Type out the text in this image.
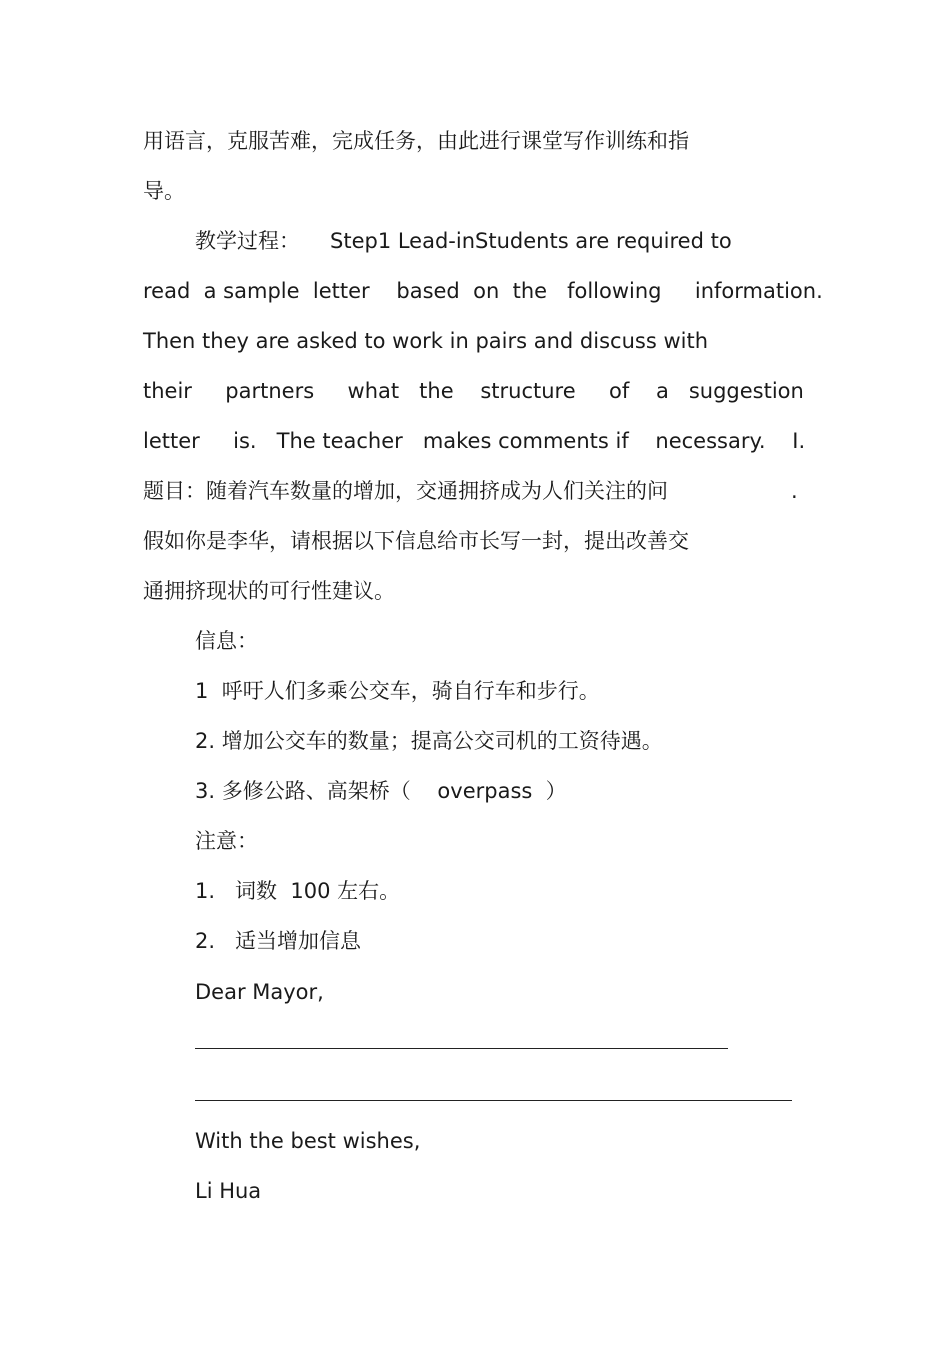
用语言，克服苦难，完成任务，由此进行课堂写作训练和指
导。
教学过程： Step1 Lead-inStudents are required to
read  a sample  letter    based  on  the   following     information.
Then they are asked to work in pairs and discuss with
their     partners     what   the    structure     of    a   suggestion
letter     is.   The teacher   makes comments if    necessary.    Ⅰ.
题目：随着汽车数量的增加，交通拥挤成为人们关注的问	.
假如你是李华，请根据以下信息给市长写一封，提出改善交
通拥挤现状的可行性建议。
信息：
1  呼吁人们多乘公交车，骑自行车和步行。
2. 增加公交车的数量；提高公交司机的工资待遇。
3. 多修公路、高架桥（    overpass  ）
注意：
1.   词数  100 左右。
2.   适当增加信息
Dear Mayor,
With the best wishes,
Li Hua
